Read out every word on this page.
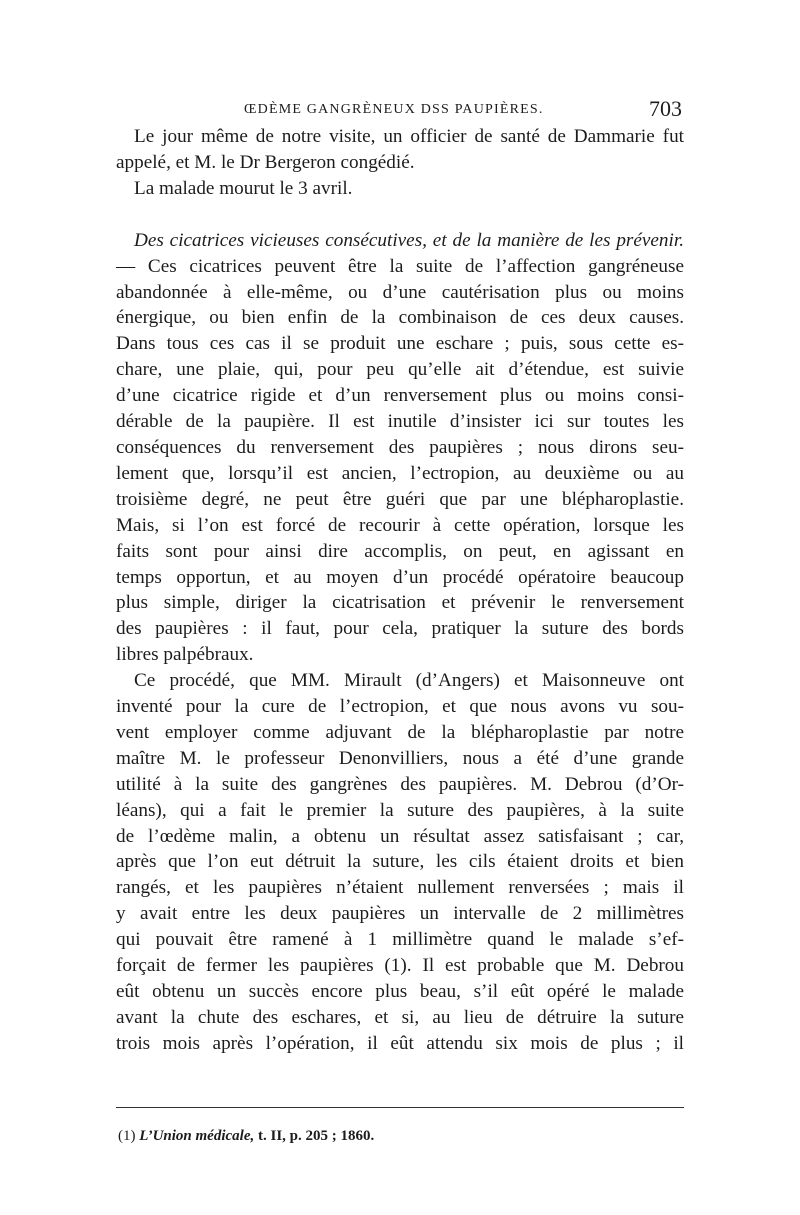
ŒDÈME GANGRÈNEUX DSS PAUPIÈRES.	703
Le jour même de notre visite, un officier de santé de Dammarie fut
appelé, et M. le Dr Bergeron congédié.
La malade mourut le 3 avril.
Des cicatrices vicieuses consécutives, et de la manière de les prévenir.
— Ces cicatrices peuvent être la suite de l’affection gangréneuse
abandonnée à elle-même, ou d’une cautérisation plus ou moins
énergique, ou bien enfin de la combinaison de ces deux causes.
Dans tous ces cas il se produit une eschare ; puis, sous cette es-
chare, une plaie, qui, pour peu qu’elle ait d’étendue, est suivie
d’une cicatrice rigide et d’un renversement plus ou moins consi-
dérable de la paupière. Il est inutile d’insister ici sur toutes les
conséquences du renversement des paupières ; nous dirons seu-
lement que, lorsqu’il est ancien, l’ectropion, au deuxième ou au
troisième degré, ne peut être guéri que par une blépharoplastie.
Mais, si l’on est forcé de recourir à cette opération, lorsque les
faits sont pour ainsi dire accomplis, on peut, en agissant en
temps opportun, et au moyen d’un procédé opératoire beaucoup
plus simple, diriger la cicatrisation et prévenir le renversement
des paupières : il faut, pour cela, pratiquer la suture des bords
libres palpébraux.
Ce procédé, que MM. Mirault (d’Angers) et Maisonneuve ont
inventé pour la cure de l’ectropion, et que nous avons vu sou-
vent employer comme adjuvant de la blépharoplastie par notre
maître M. le professeur Denonvilliers, nous a été d’une grande
utilité à la suite des gangrènes des paupières. M. Debrou (d’Or-
léans), qui a fait le premier la suture des paupières, à la suite
de l’œdème malin, a obtenu un résultat assez satisfaisant ; car,
après que l’on eut détruit la suture, les cils étaient droits et bien
rangés, et les paupières n’étaient nullement renversées ; mais il
y avait entre les deux paupières un intervalle de 2 millimètres
qui pouvait être ramené à 1 millimètre quand le malade s’ef-
forçait de fermer les paupières (1). Il est probable que M. Debrou
eût obtenu un succès encore plus beau, s’il eût opéré le malade
avant la chute des eschares, et si, au lieu de détruire la suture
trois mois après l’opération, il eût attendu six mois de plus ; il
(1) L’Union médicale, t. II, p. 205 ; 1860.
